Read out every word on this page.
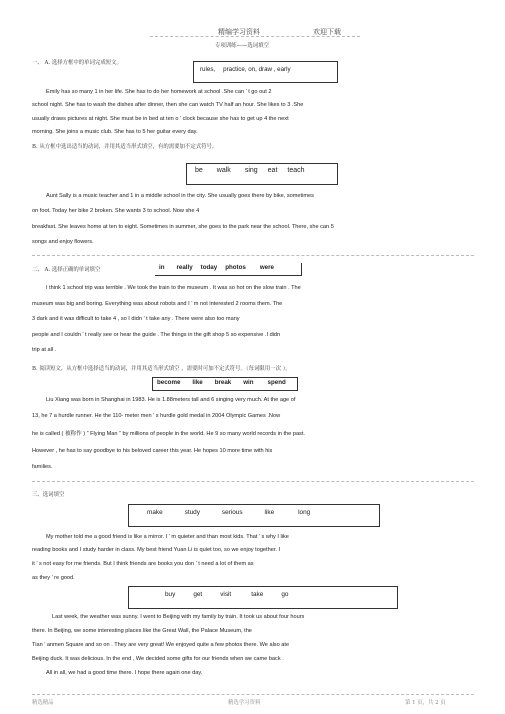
精编学习资料	欢迎下载
专项训练——选词填空
一、 A. 选择方框中的单词完成短文。
rules, practice, on, draw , early
Emily has so many 1 in her life. She has to do her homework at school .She can ’ t go out 2
school night. She has to wash the dishes after dinner, then she can watch TV half an hour. She likes to 3 .She
usually draws pictures at night. She must be in bed at ten o ’ clock because she has to get up 4 the next
morning. She joins a music club. She has to 5 her guitar every day.
B. 从方框中选出适当的动词，并用其适当形式填空，有的需要加不定式符号。
be walk sing eat teach
Aunt Sally is a music teacher and 1 in a middle school in the city. She usually goes there by bike, sometimes
on foot. Today her bike 2 broken. She wants 3 to school. Now she 4
breakfast. She leaves home at ten to eight. Sometimes in summer, she goes to the park near the school. There, she can 5
songs and enjoy flowers.
二、 A. 选择正确的单词填空	in really today photos were
I think 1 school trip was terrible . We took the train to the museum . It was so hot on the slow train . The
museum was big and boring. Everything was about robots and I ’ m not interested 2 rooms them. The
3 dark and it was difficult to take 4 , so I didn ’ t take any . There were also too many
people and I couldn ’ t really see or hear the guide . The things in the gift shop 5 so expensive .I didn
trip at all .
B. 阅读短文，从方框中选择适当的动词，并用其适当形式填空 ，需要时可加不定式符号。（每词限用一次 ）。
become like break win spend
Liu Xiang was born in Shanghai in 1983. He is 1.88meters tall and 6 singing very much. At the age of
13, he 7 a hurdle runner. He the 110- meter men ’ s hurdle gold medal in 2004 Olympic Games .Now
he is called ( 被称作 ) “ Flying Man ” by millions of people in the world. He 9 so many world records in the past.
However , he has to say goodbye to his beloved career this year. He hopes 10 more time with his
families.
三、选词填空
make	study	serious	like	long
My mother told me a good friend is like a mirror. I ’ m quieter and than most kids. That ’ s why I like
reading books and I study harder in class. My best friend Yuan Li is quiet too, so we enjoy together. I
it ’ s not easy for me friends. But I think friends are books you don ’ t need a lot of them as
as they ’ re good.
buy	get	visit	take	go
Last week, the weather was sunny. I went to Beijing with my family by train. It took us about four hours
there. In Beijing, we some interesting places like the Great Wall, the Palace Museum, the
Tian ’ anmen Square and so on . They are very great! We enjoyed quite a few photos there. We also ate
Beijing duck. It was delicious. In the end , We decided some gifts for our friends when we came back .
All in all, we had a good time there. I hope there again one day.
精选精品	精选学习资料	第 1 页，共 2 页
